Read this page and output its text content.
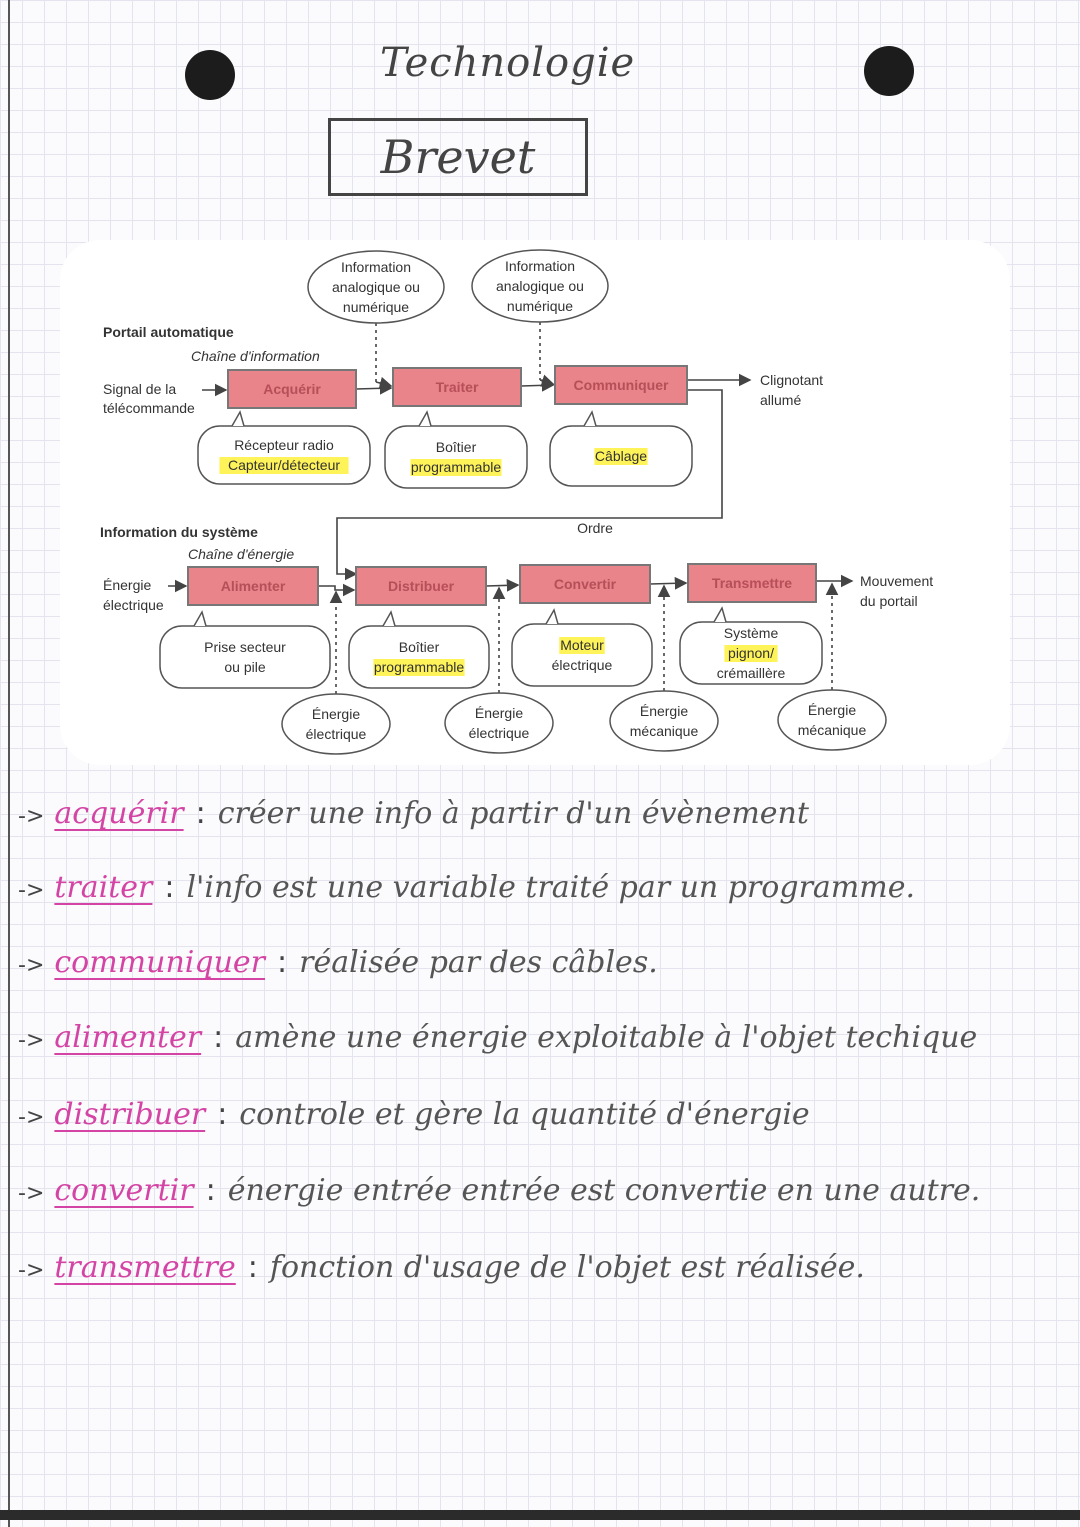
Technologie
Brevet
Portail automatique
Chaîne d'information
Information du système
Chaîne d'énergie
Ordre
Signal de la
télécommande
Clignotant
allumé
Information
analogique ou
numérique
Information
analogique ou
numérique
Acquérir	Traiter	Communiquer
Récepteur radio
Capteur/détecteur
Boîtier
programmable
Câblage
Énergie
électrique
Mouvement
du portail
Énergie
électrique
Énergie
électrique
Énergie
mécanique
Énergie
mécanique
Alimenter	Distribuer	Convertir	Transmettre
Prise secteur
ou pile
Boîtier
programmable
Moteur
électrique
Système
pignon/
crémaillère
-> acquérir : créer une info à partir d'un évènement
-> traiter : l'info est une variable traité par un programme.
-> communiquer : réalisée par des câbles.
-> alimenter : amène une énergie exploitable à l'objet techique
-> distribuer : controle et gère la quantité d'énergie
-> convertir : énergie entrée entrée est convertie en une autre.
-> transmettre : fonction d'usage de l'objet est réalisée.
